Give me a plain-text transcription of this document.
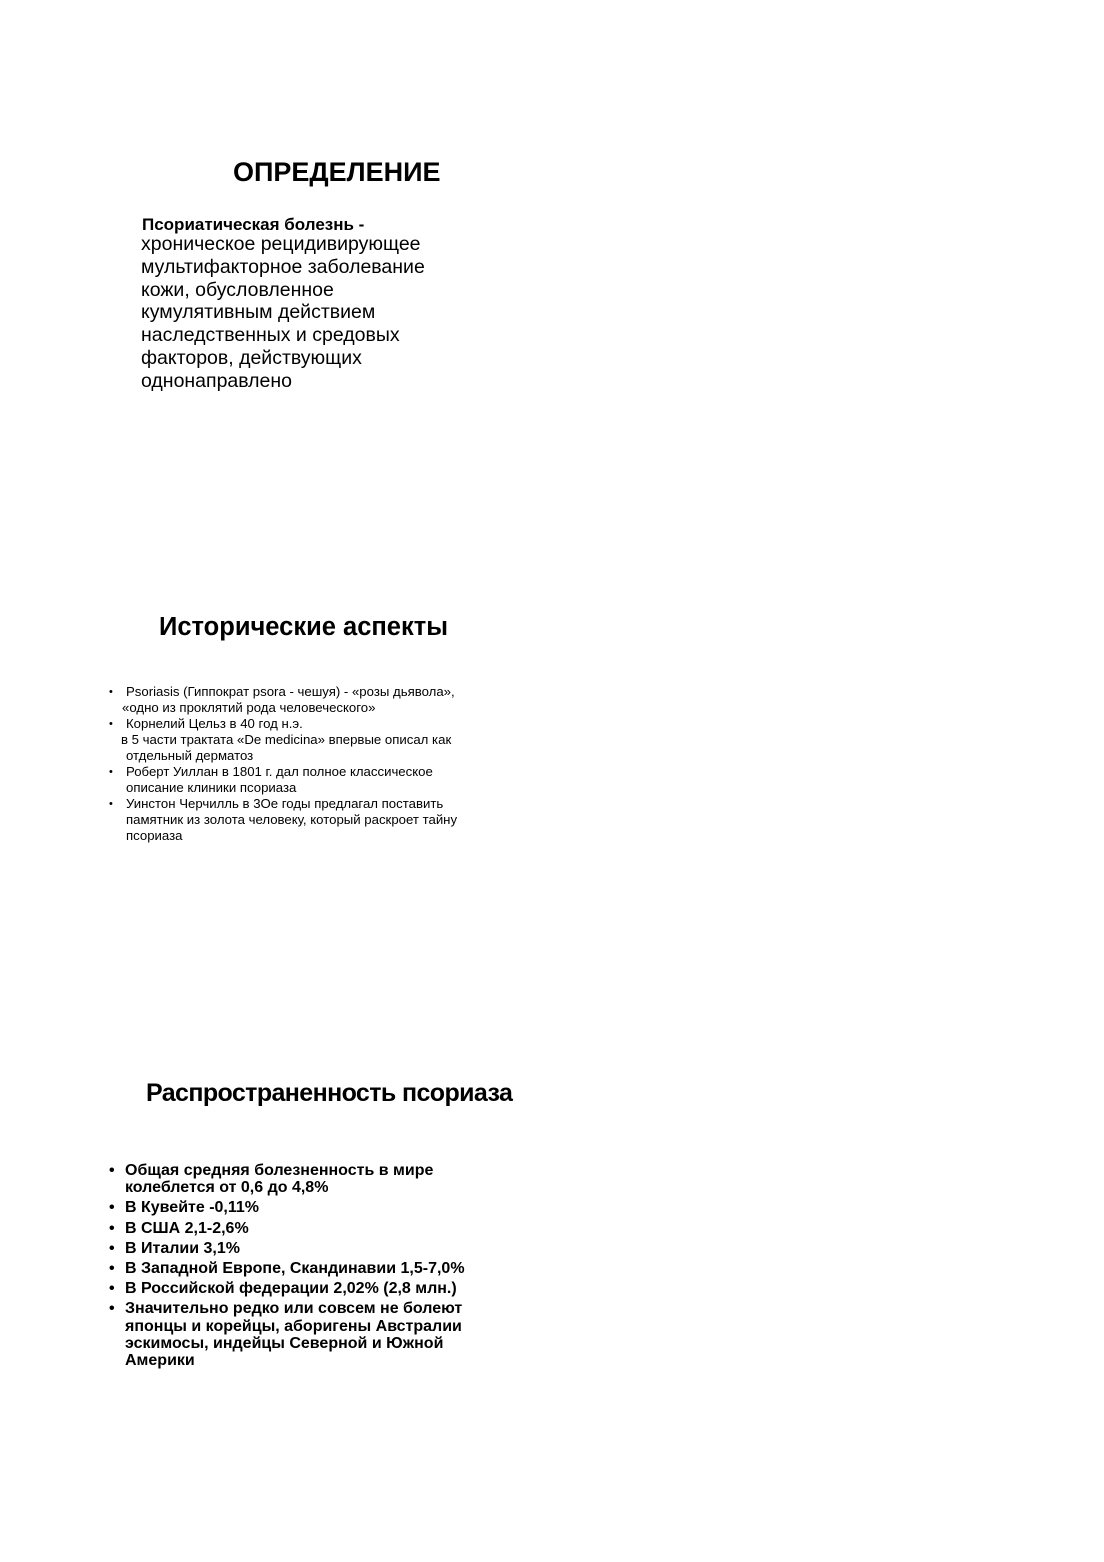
ОПРЕДЕЛЕНИЕ
Псориатическая болезнь -
хроническое рецидивирующее
мультифакторное заболевание
кожи, обусловленное
кумулятивным действием
наследственных и средовых
факторов, действующих
однонаправлено
Исторические аспекты
• Psoriasis (Гиппократ psora - чешуя) - «розы дьявола»,
«одно из проклятий рода человеческого»
• Корнелий Цельз в 40 год н.э.
в 5 части трактата «De medicina» впервые описал как
отдельный дерматоз
• Роберт Уиллан в 1801 г. дал полное классическое
описание клиники псориаза
• Уинстон Черчилль в 3Ое годы предлагал поставить
памятник из золота человеку, который раскроет тайну
псориаза
Распространенность псориаза
• Общая средняя болезненность в мире
колеблется от 0,6 до 4,8%
• В Кувейте -0,11%
• В США 2,1-2,6%
• В Италии 3,1%
• В Западной Европе, Скандинавии 1,5-7,0%
• В Российской федерации 2,02% (2,8 млн.)
• Значительно редко или совсем не болеют
японцы и корейцы, аборигены Австралии
эскимосы, индейцы Северной и Южной
Америки
